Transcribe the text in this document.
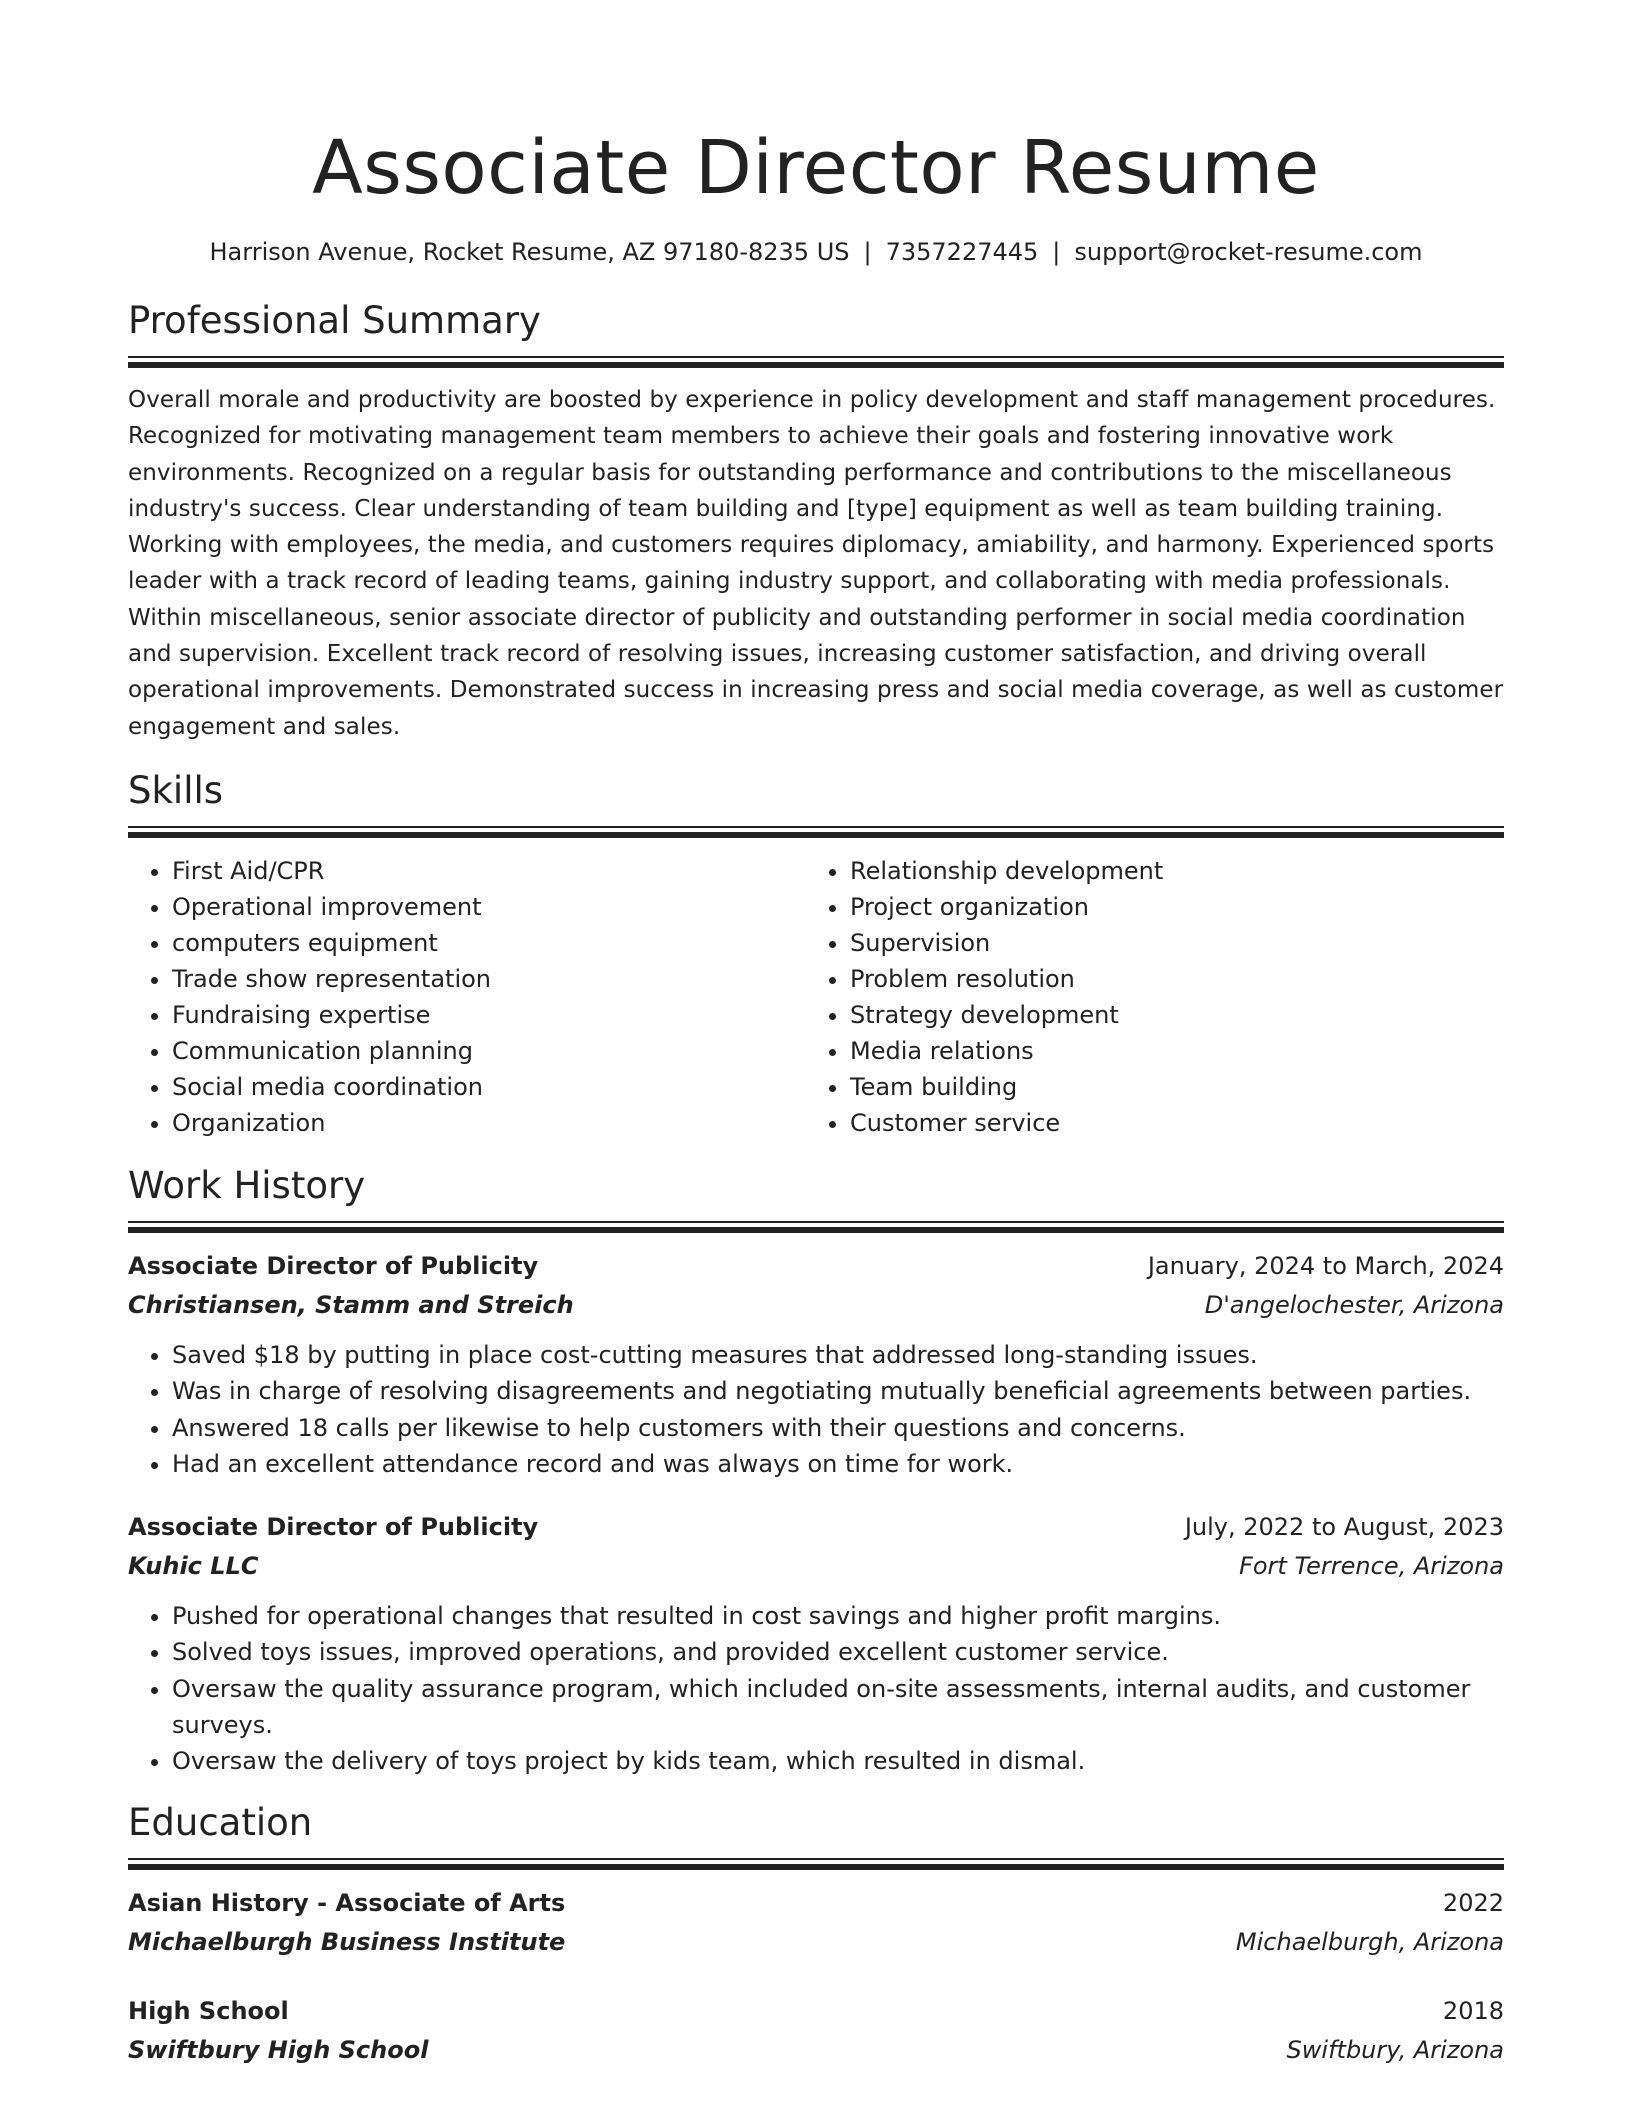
Associate Director Resume
Harrison Avenue, Rocket Resume, AZ 97180-8235 US | 7357227445 | support@rocket-resume.com
Professional Summary
Overall morale and productivity are boosted by experience in policy development and staff management procedures. Recognized for motivating management team members to achieve their goals and fostering innovative work environments. Recognized on a regular basis for outstanding performance and contributions to the miscellaneous industry's success. Clear understanding of team building and [type] equipment as well as team building training. Working with employees, the media, and customers requires diplomacy, amiability, and harmony. Experienced sports leader with a track record of leading teams, gaining industry support, and collaborating with media professionals. Within miscellaneous, senior associate director of publicity and outstanding performer in social media coordination and supervision. Excellent track record of resolving issues, increasing customer satisfaction, and driving overall operational improvements. Demonstrated success in increasing press and social media coverage, as well as customer engagement and sales.
Skills
• First Aid/CPR
• Operational improvement
• computers equipment
• Trade show representation
• Fundraising expertise
• Communication planning
• Social media coordination
• Organization
• Relationship development
• Project organization
• Supervision
• Problem resolution
• Strategy development
• Media relations
• Team building
• Customer service
Work History
Associate Director of Publicity	January, 2024 to March, 2024
Christiansen, Stamm and Streich	D'angelochester, Arizona
• Saved $18 by putting in place cost-cutting measures that addressed long-standing issues.
• Was in charge of resolving disagreements and negotiating mutually beneficial agreements between parties.
• Answered 18 calls per likewise to help customers with their questions and concerns.
• Had an excellent attendance record and was always on time for work.
Associate Director of Publicity	July, 2022 to August, 2023
Kuhic LLC	Fort Terrence, Arizona
• Pushed for operational changes that resulted in cost savings and higher profit margins.
• Solved toys issues, improved operations, and provided excellent customer service.
• Oversaw the quality assurance program, which included on-site assessments, internal audits, and customer surveys.
• Oversaw the delivery of toys project by kids team, which resulted in dismal.
Education
Asian History - Associate of Arts	2022
Michaelburgh Business Institute	Michaelburgh, Arizona
High School	2018
Swiftbury High School	Swiftbury, Arizona
